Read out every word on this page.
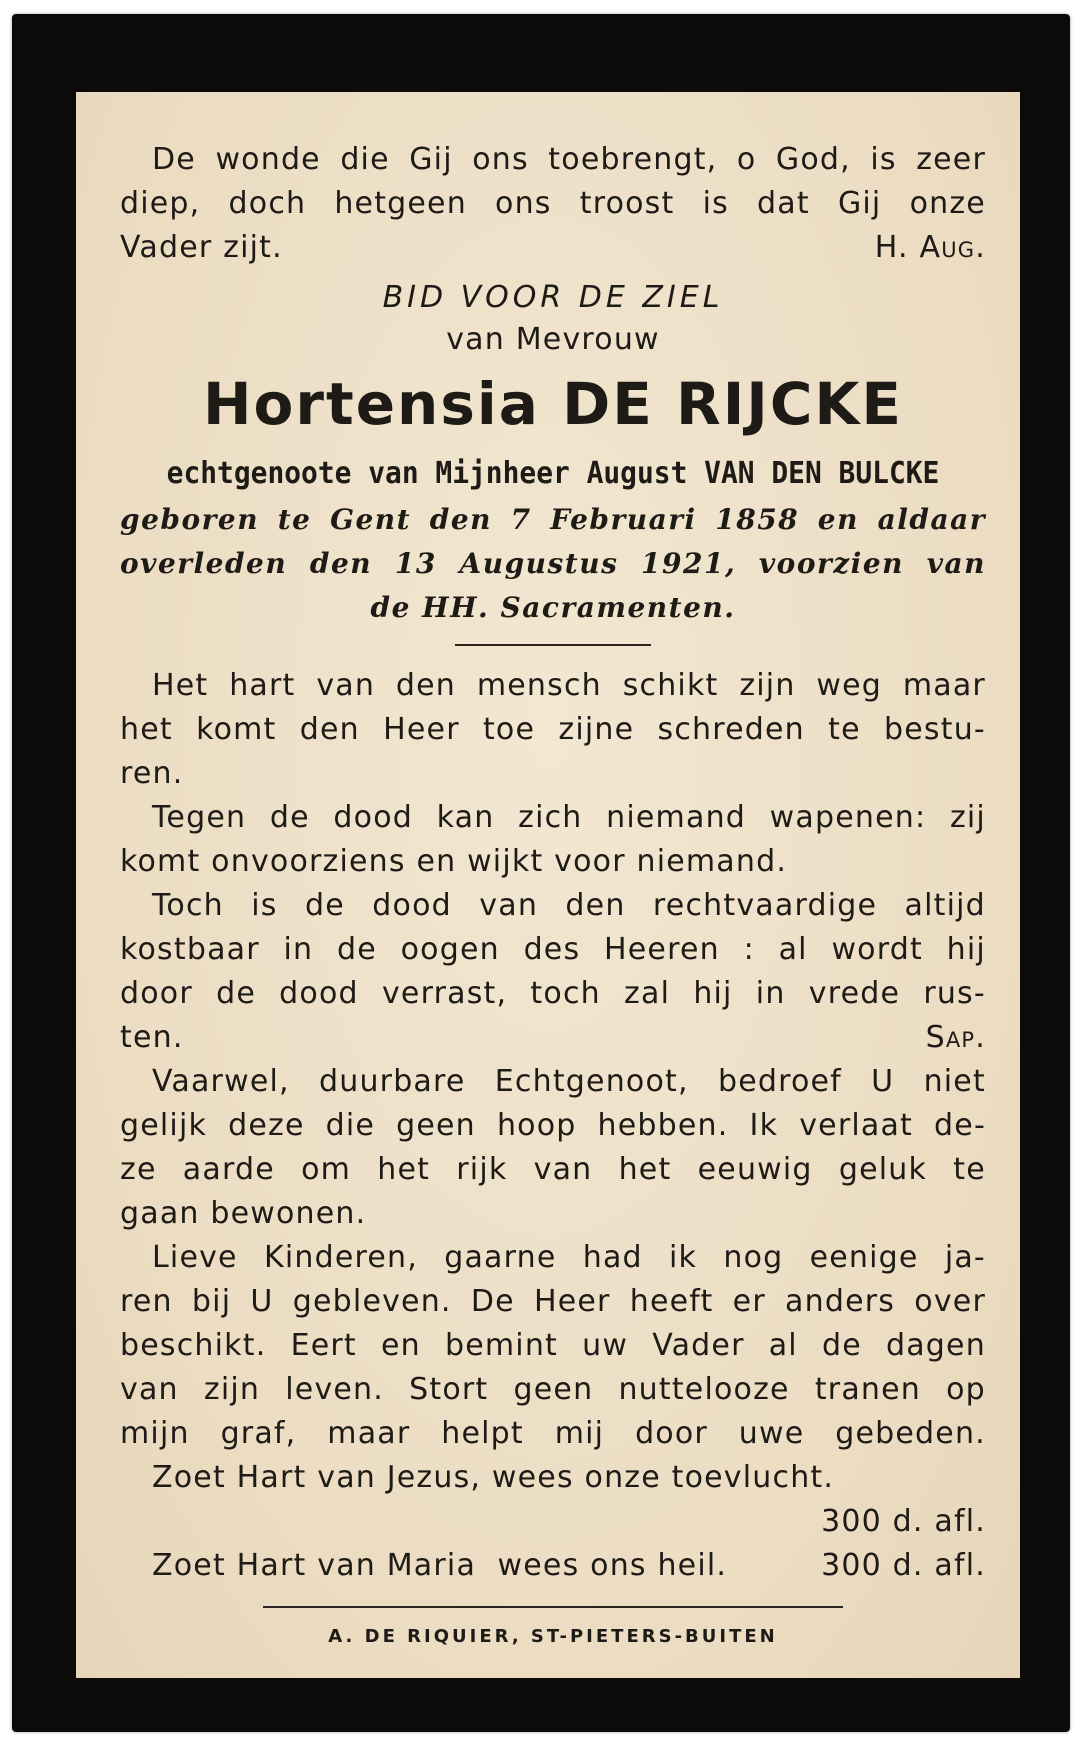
De wonde die Gij ons toebrengt, o God, is zeer
diep, doch hetgeen ons troost is dat Gij onze
Vader zijt.	H. Aug.
BID VOOR DE ZIEL
van Mevrouw
Hortensia DE RIJCKE
echtgenoote van Mijnheer August VAN DEN BULCKE
geboren te Gent den 7 Februari 1858 en aldaar
overleden den 13 Augustus 1921, voorzien van
de HH. Sacramenten.
Het hart van den mensch schikt zijn weg maar
het komt den Heer toe zijne schreden te bestu-
ren.
Tegen de dood kan zich niemand wapenen: zij
komt onvoorziens en wijkt voor niemand.
Toch is de dood van den rechtvaardige altijd
kostbaar in de oogen des Heeren : al wordt hij
door de dood verrast, toch zal hij in vrede rus-
ten.	Sap.
Vaarwel, duurbare Echtgenoot, bedroef U niet
gelijk deze die geen hoop hebben. Ik verlaat de-
ze aarde om het rijk van het eeuwig geluk te
gaan bewonen.
Lieve Kinderen, gaarne had ik nog eenige ja-
ren bij U gebleven. De Heer heeft er anders over
beschikt. Eert en bemint uw Vader al de dagen
van zijn leven. Stort geen nuttelooze tranen op
mijn graf, maar helpt mij door uwe gebeden.
Zoet Hart van Jezus, wees onze toevlucht.
300 d. afl.
Zoet Hart van Maria  wees ons heil.	300 d. afl.
A. DE RIQUIER, ST-PIETERS-BUITEN
